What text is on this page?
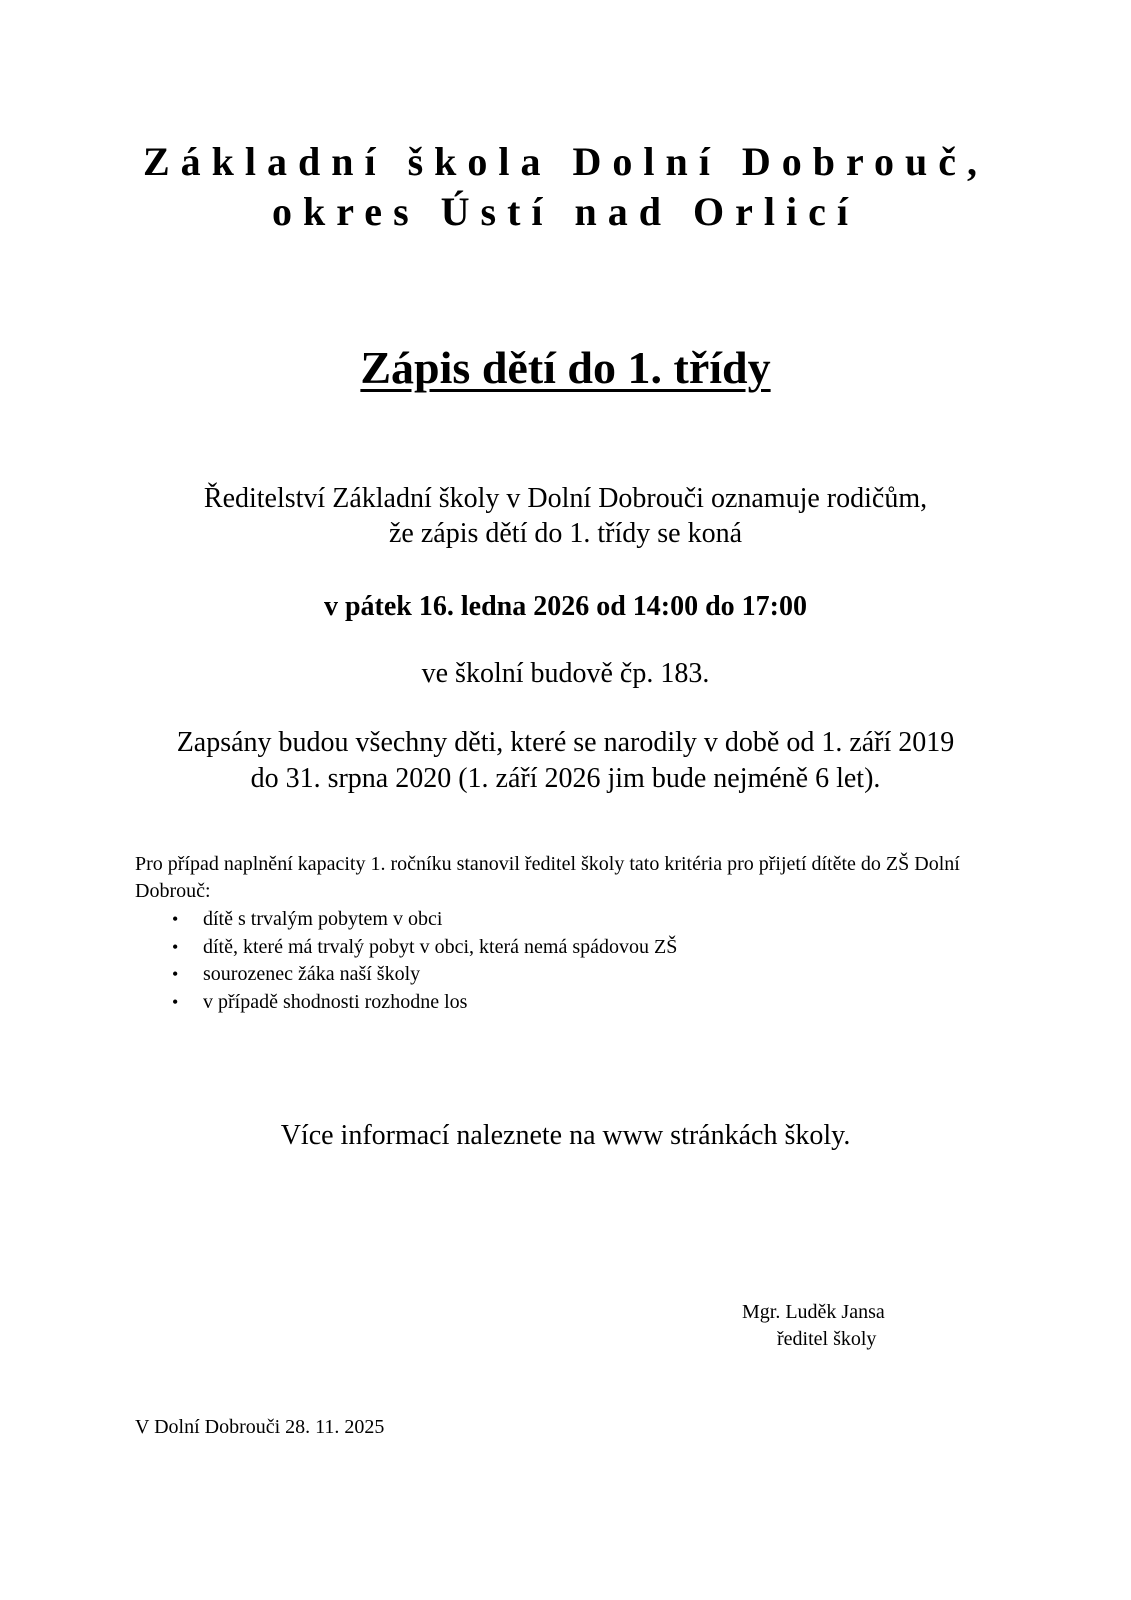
Základní škola Dolní Dobrouč,
okres Ústí nad Orlicí
Zápis dětí do 1. třídy
Ředitelství Základní školy v Dolní Dobrouči oznamuje rodičům,
že zápis dětí do 1. třídy se koná
v pátek 16. ledna 2026 od 14:00 do 17:00
ve školní budově čp. 183.
Zapsány budou všechny děti, které se narodily v době od 1. září 2019
do 31. srpna 2020 (1. září 2026 jim bude nejméně 6 let).
Pro případ naplnění kapacity 1. ročníku stanovil ředitel školy tato kritéria pro přijetí dítěte do ZŠ Dolní Dobrouč:
• dítě s trvalým pobytem v obci
• dítě, které má trvalý pobyt v obci, která nemá spádovou ZŠ
• sourozenec žáka naší školy
• v případě shodnosti rozhodne los
Více informací naleznete na www stránkách školy.
Mgr. Luděk Jansa
ředitel školy
V Dolní Dobrouči 28. 11. 2025
